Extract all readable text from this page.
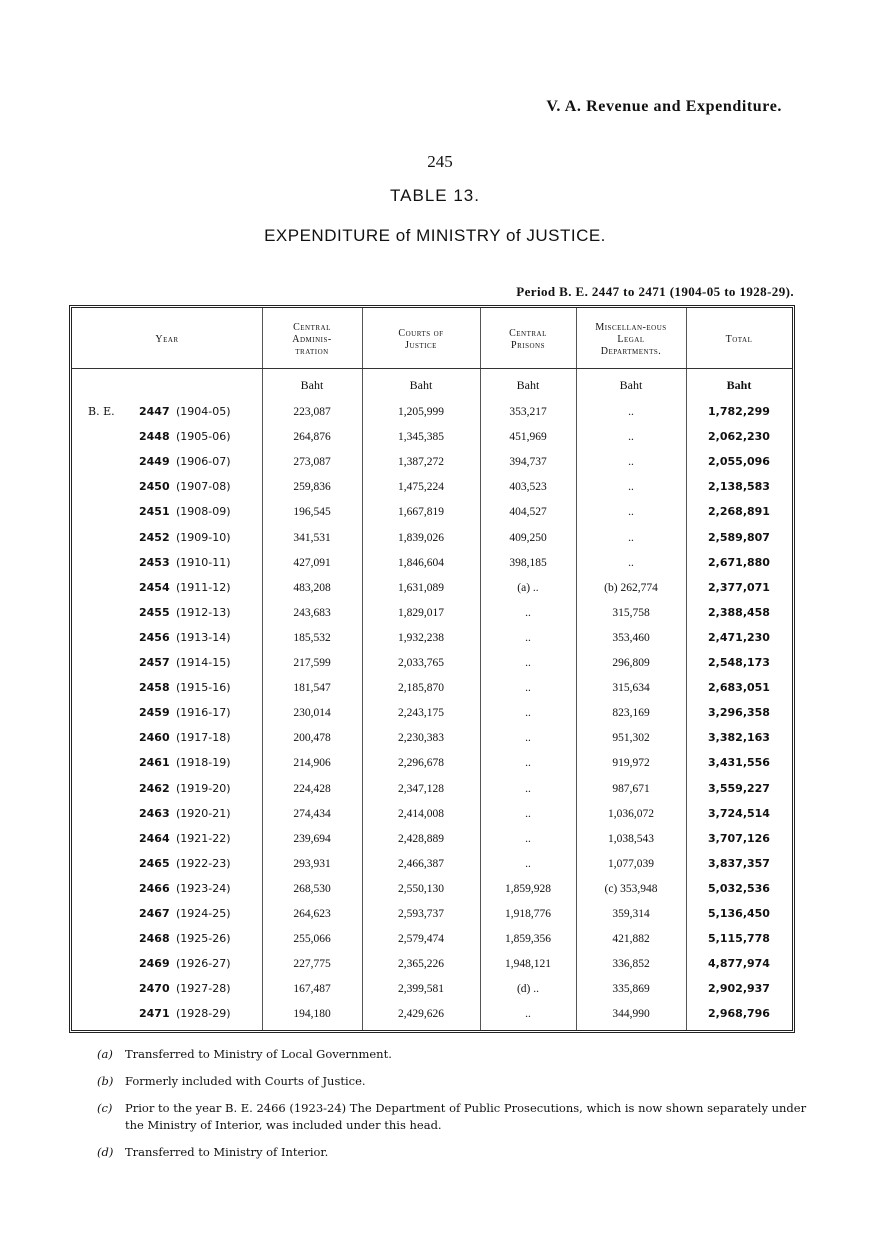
V. A. Revenue and Expenditure.
245
TABLE 13.
EXPENDITURE of MINISTRY of JUSTICE.
Period B. E. 2447 to 2471 (1904-05 to 1928-29).
Year
Central Adminis-tration
Courts of Justice
Central Prisons
Miscellan-eous Legal Departments.
Total
Baht	Baht	Baht	Baht	Baht
B. E. 2447 (1904-05)	223,087	1,205,999	353,217	..	1,782,299
2448 (1905-06)	264,876	1,345,385	451,969	..	2,062,230
2449 (1906-07)	273,087	1,387,272	394,737	..	2,055,096
2450 (1907-08)	259,836	1,475,224	403,523	..	2,138,583
2451 (1908-09)	196,545	1,667,819	404,527	..	2,268,891
2452 (1909-10)	341,531	1,839,026	409,250	..	2,589,807
2453 (1910-11)	427,091	1,846,604	398,185	..	2,671,880
2454 (1911-12)	483,208	1,631,089	(a) ..	(b) 262,774	2,377,071
2455 (1912-13)	243,683	1,829,017	..	315,758	2,388,458
2456 (1913-14)	185,532	1,932,238	..	353,460	2,471,230
2457 (1914-15)	217,599	2,033,765	..	296,809	2,548,173
2458 (1915-16)	181,547	2,185,870	..	315,634	2,683,051
2459 (1916-17)	230,014	2,243,175	..	823,169	3,296,358
2460 (1917-18)	200,478	2,230,383	..	951,302	3,382,163
2461 (1918-19)	214,906	2,296,678	..	919,972	3,431,556
2462 (1919-20)	224,428	2,347,128	..	987,671	3,559,227
2463 (1920-21)	274,434	2,414,008	..	1,036,072	3,724,514
2464 (1921-22)	239,694	2,428,889	..	1,038,543	3,707,126
2465 (1922-23)	293,931	2,466,387	..	1,077,039	3,837,357
2466 (1923-24)	268,530	2,550,130	1,859,928	(c) 353,948	5,032,536
2467 (1924-25)	264,623	2,593,737	1,918,776	359,314	5,136,450
2468 (1925-26)	255,066	2,579,474	1,859,356	421,882	5,115,778
2469 (1926-27)	227,775	2,365,226	1,948,121	336,852	4,877,974
2470 (1927-28)	167,487	2,399,581	(d) ..	335,869	2,902,937
2471 (1928-29)	194,180	2,429,626	..	344,990	2,968,796
(a) Transferred to Ministry of Local Government.
(b) Formerly included with Courts of Justice.
(c) Prior to the year B. E. 2466 (1923-24) The Department of Public Prosecutions, which is now shown separately under the Ministry of Interior, was included under this head.
(d) Transferred to Ministry of Interior.
